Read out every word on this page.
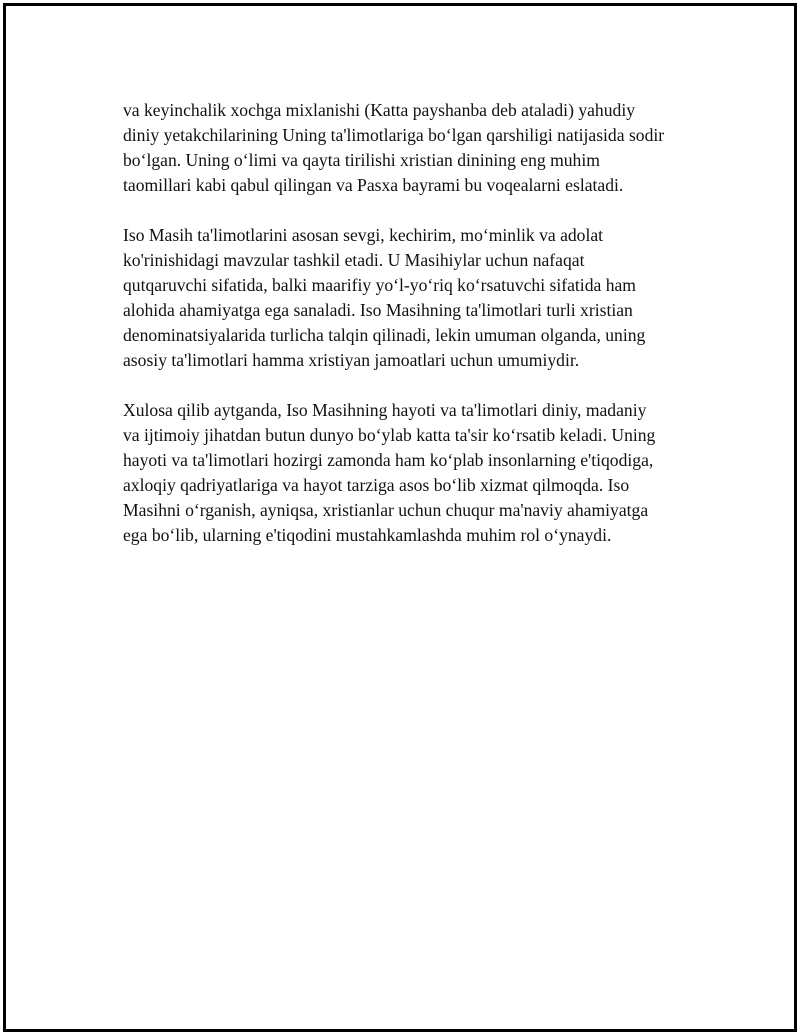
va keyinchalik xochga mixlanishi (Katta payshanba deb ataladi) yahudiy
diniy yetakchilarining Uning ta'limotlariga bo‘lgan qarshiligi natijasida sodir
bo‘lgan. Uning o‘limi va qayta tirilishi xristian dinining eng muhim
taomillari kabi qabul qilingan va Pasxa bayrami bu voqealarni eslatadi.

Iso Masih ta'limotlarini asosan sevgi, kechirim, mo‘minlik va adolat
ko'rinishidagi mavzular tashkil etadi. U Masihiylar uchun nafaqat
qutqaruvchi sifatida, balki maarifiy yo‘l-yo‘riq ko‘rsatuvchi sifatida ham
alohida ahamiyatga ega sanaladi. Iso Masihning ta'limotlari turli xristian
denominatsiyalarida turlicha talqin qilinadi, lekin umuman olganda, uning
asosiy ta'limotlari hamma xristiyan jamoatlari uchun umumiydir.

Xulosa qilib aytganda, Iso Masihning hayoti va ta'limotlari diniy, madaniy
va ijtimoiy jihatdan butun dunyo bo‘ylab katta ta'sir ko‘rsatib keladi. Uning
hayoti va ta'limotlari hozirgi zamonda ham ko‘plab insonlarning e'tiqodiga,
axloqiy qadriyatlariga va hayot tarziga asos bo‘lib xizmat qilmoqda. Iso
Masihni o‘rganish, ayniqsa, xristianlar uchun chuqur ma'naviy ahamiyatga
ega bo‘lib, ularning e'tiqodini mustahkamlashda muhim rol o‘ynaydi.
